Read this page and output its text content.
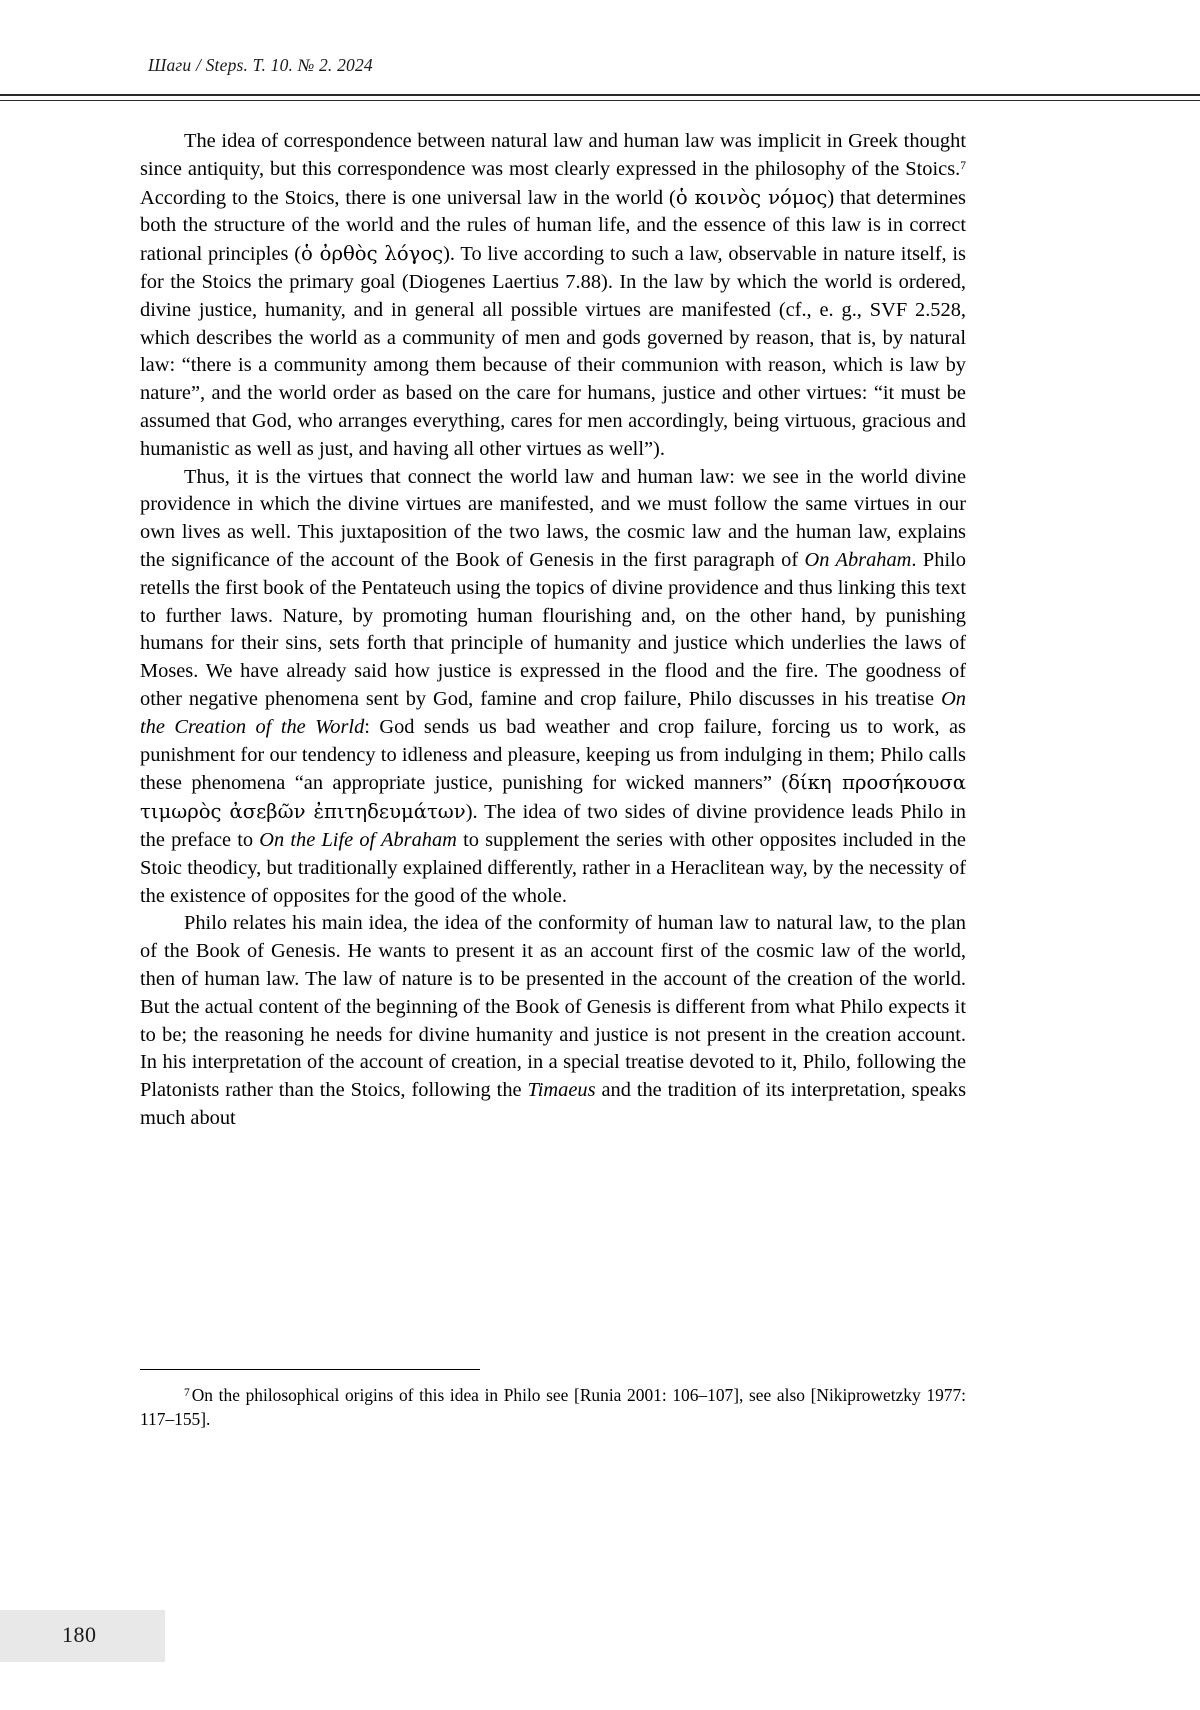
Шаги / Steps. Т. 10. № 2. 2024

The idea of correspondence between natural law and human law was implicit in Greek thought since antiquity, but this correspondence was most clearly expressed in the philosophy of the Stoics.$^7$ According to the Stoics, there is one universal law in the world (ὁ κοινὸς νόμος) that determines both the structure of the world and the rules of human life, and the essence of this law is in correct rational principles (ὁ ὀρθὸς λόγος). To live according to such a law, observable in nature itself, is for the Stoics the primary goal (Diogenes Laertius 7.88). In the law by which the world is ordered, divine justice, humanity, and in general all possible virtues are manifested (cf., e. g., SVF 2.528, which describes the world as a community of men and gods governed by reason, that is, by natural law: “there is a community among them because of their communion with reason, which is law by nature”, and the world order as based on the care for humans, justice and other virtues: “it must be assumed that God, who arranges everything, cares for men accordingly, being virtuous, gracious and humanistic as well as just, and having all other virtues as well”).

Thus, it is the virtues that connect the world law and human law: we see in the world divine providence in which the divine virtues are manifested, and we must follow the same virtues in our own lives as well. This juxtaposition of the two laws, the cosmic law and the human law, explains the significance of the account of the Book of Genesis in the first paragraph of On Abraham. Philo retells the first book of the Pentateuch using the topics of divine providence and thus linking this text to further laws. Nature, by promoting human flourishing and, on the other hand, by punishing humans for their sins, sets forth that principle of humanity and justice which underlies the laws of Moses. We have already said how justice is expressed in the flood and the fire. The goodness of other negative phenomena sent by God, famine and crop failure, Philo discusses in his treatise On the Creation of the World: God sends us bad weather and crop failure, forcing us to work, as punishment for our tendency to idleness and pleasure, keeping us from indulging in them; Philo calls these phenomena “an appropriate justice, punishing for wicked manners” (δίκη προσήκουσα τιμωρὸς ἀσεβῶν ἐπιτηδευμάτων). The idea of two sides of divine providence leads Philo in the preface to On the Life of Abraham to supplement the series with other opposites included in the Stoic theodicy, but traditionally explained differently, rather in a Heraclitean way, by the necessity of the existence of opposites for the good of the whole.

Philo relates his main idea, the idea of the conformity of human law to natural law, to the plan of the Book of Genesis. He wants to present it as an account first of the cosmic law of the world, then of human law. The law of nature is to be presented in the account of the creation of the world. But the actual content of the beginning of the Book of Genesis is different from what Philo expects it to be; the reasoning he needs for divine humanity and justice is not present in the creation account. In his interpretation of the account of creation, in a special treatise devoted to it, Philo, following the Platonists rather than the Stoics, following the Timaeus and the tradition of its interpretation, speaks much about

$^7$ On the philosophical origins of this idea in Philo see [Runia 2001: 106–107], see also [Nikiprowetzky 1977: 117–155].
180
